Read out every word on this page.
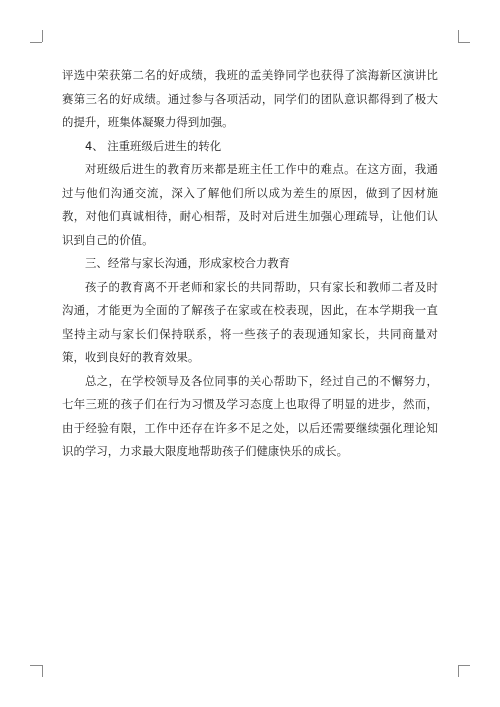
评选中荣获第二名的好成绩，我班的孟美铮同学也获得了滨海新区演讲比赛第三名的好成绩。通过参与各项活动，同学们的团队意识都得到了极大的提升，班集体凝聚力得到加强。

4、 注重班级后进生的转化

对班级后进生的教育历来都是班主任工作中的难点。在这方面，我通过与他们沟通交流，深入了解他们所以成为差生的原因，做到了因材施教，对他们真诚相待，耐心相帮，及时对后进生加强心理疏导，让他们认识到自己的价值。

三、经常与家长沟通，形成家校合力教育

孩子的教育离不开老师和家长的共同帮助，只有家长和教师二者及时沟通，才能更为全面的了解孩子在家或在校表现，因此，在本学期我一直坚持主动与家长们保持联系，将一些孩子的表现通知家长，共同商量对策，收到良好的教育效果。

总之，在学校领导及各位同事的关心帮助下，经过自己的不懈努力，七年三班的孩子们在行为习惯及学习态度上也取得了明显的进步，然而，由于经验有限，工作中还存在许多不足之处，以后还需要继续强化理论知识的学习，力求最大限度地帮助孩子们健康快乐的成长。
